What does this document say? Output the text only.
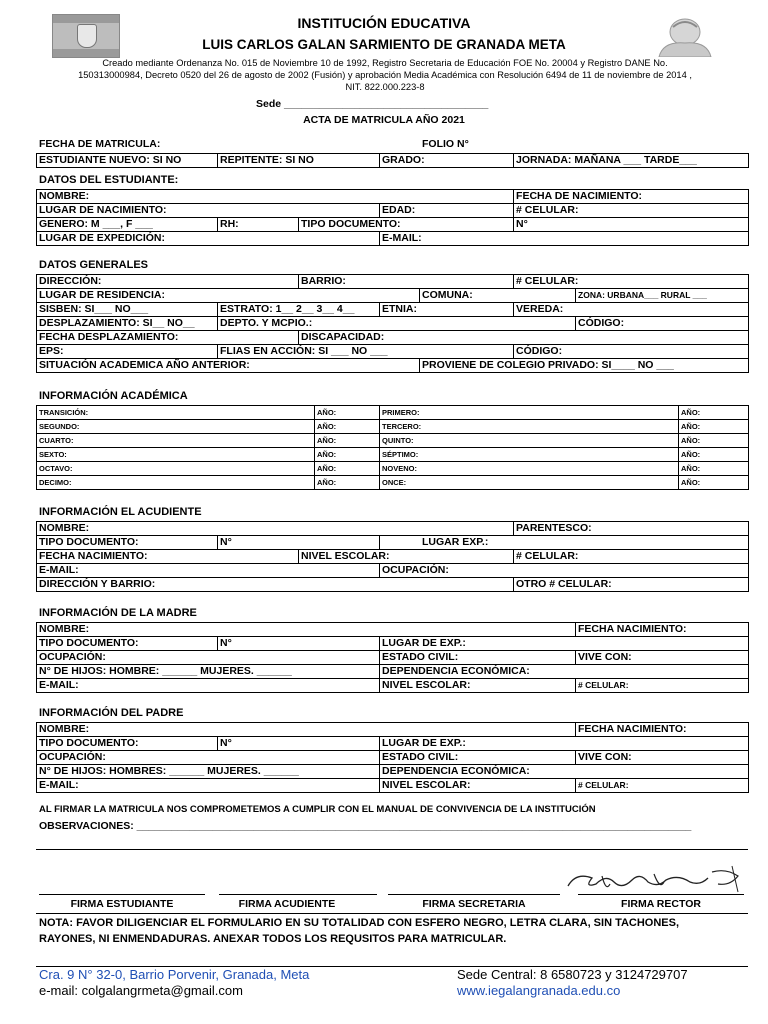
INSTITUCIÓN EDUCATIVA
LUIS CARLOS GALAN SARMIENTO DE GRANADA META
Creado mediante Ordenanza No. 015 de Noviembre 10 de 1992, Registro Secretaria de Educación FOE No. 20004 y Registro DANE No.
150313000984, Decreto 0520 del 26 de agosto de 2002 (Fusión) y aprobación Media Académica con Resolución 6494 de 11 de noviembre de 2014 ,
NIT. 822.000.223-8
Sede ___________________________________
ACTA DE MATRICULA AÑO 2021
FECHA DE MATRICULA:	FOLIO N°
ESTUDIANTE NUEVO: SI NO	REPITENTE: SI NO	GRADO:	JORNADA: MAÑANA ___ TARDE___
DATOS DEL ESTUDIANTE:
NOMBRE:				FECHA DE NACIMIENTO:
LUGAR DE NACIMIENTO:			EDAD:	# CELULAR:
GENERO: M ___, F ___	RH:	TIPO DOCUMENTO:		N°
LUGAR DE EXPEDICIÓN:			E-MAIL:	
DATOS GENERALES
DIRECCIÓN:		BARRIO:			# CELULAR:	
LUGAR DE RESIDENCIA:				COMUNA:		ZONA: URBANA___ RURAL ___
SISBEN: SI___ NO___	ESTRATO: 1__ 2__ 3__ 4__		ETNIA:		VEREDA:	
DESPLAZAMIENTO: SI__ NO__	DEPTO. Y MCPIO.:					CÓDIGO:
FECHA DESPLAZAMIENTO:		DISCAPACIDAD:				
EPS:	FLIAS EN ACCIÓN: SI ___ NO ___				CÓDIGO:	
SITUACIÓN ACADEMICA AÑO ANTERIOR:				PROVIENE DE COLEGIO PRIVADO: SI____ NO ___		
INFORMACIÓN ACADÉMICA
TRANSICIÓN:	AÑO:	PRIMERO:	AÑO:
SEGUNDO:	AÑO:	TERCERO:	AÑO:
CUARTO:	AÑO:	QUINTO:	AÑO:
SEXTO:	AÑO:	SÉPTIMO:	AÑO:
OCTAVO:	AÑO:	NOVENO:	AÑO:
DECIMO:	AÑO:	ONCE:	AÑO:
INFORMACIÓN EL ACUDIENTE
NOMBRE:				PARENTESCO:
TIPO DOCUMENTO:	N°		LUGAR EXP.:	
FECHA NACIMIENTO:		NIVEL ESCOLAR:		# CELULAR:
E-MAIL:			OCUPACIÓN:	
DIRECCIÓN Y BARRIO:				OTRO # CELULAR:
INFORMACIÓN DE LA MADRE
NOMBRE:			FECHA NACIMIENTO:
TIPO DOCUMENTO:	N°	LUGAR DE EXP.:	
OCUPACIÓN:		ESTADO CIVIL:	VIVE CON:
N° DE HIJOS: HOMBRE: ______ MUJERES. ______		DEPENDENCIA ECONÓMICA:	
E-MAIL:		NIVEL ESCOLAR:	# CELULAR:
INFORMACIÓN DEL PADRE
NOMBRE:			FECHA NACIMIENTO:
TIPO DOCUMENTO:	N°	LUGAR DE EXP.:	
OCUPACIÓN:		ESTADO CIVIL:	VIVE CON:
N° DE HIJOS: HOMBRES: ______ MUJERES. ______		DEPENDENCIA ECONÓMICA:	
E-MAIL:		NIVEL ESCOLAR:	# CELULAR:
AL FIRMAR LA MATRICULA NOS COMPROMETEMOS A CUMPLIR CON EL MANUAL DE CONVIVENCIA DE LA INSTITUCIÓN
OBSERVACIONES: _______________________________________________________________________________________________
FIRMA ESTUDIANTE	FIRMA ACUDIENTE	FIRMA SECRETARIA	FIRMA RECTOR
NOTA: FAVOR DILIGENCIAR EL FORMULARIO EN SU TOTALIDAD CON ESFERO NEGRO, LETRA CLARA, SIN TACHONES,
RAYONES, NI ENMENDADURAS. ANEXAR TODOS LOS REQUSITOS PARA MATRICULAR.
Cra. 9 N° 32-0, Barrio Porvenir, Granada, Meta
e-mail: colgalangrmeta@gmail.com
Sede Central: 8 6580723 y 3124729707
www.iegalangranada.edu.co
